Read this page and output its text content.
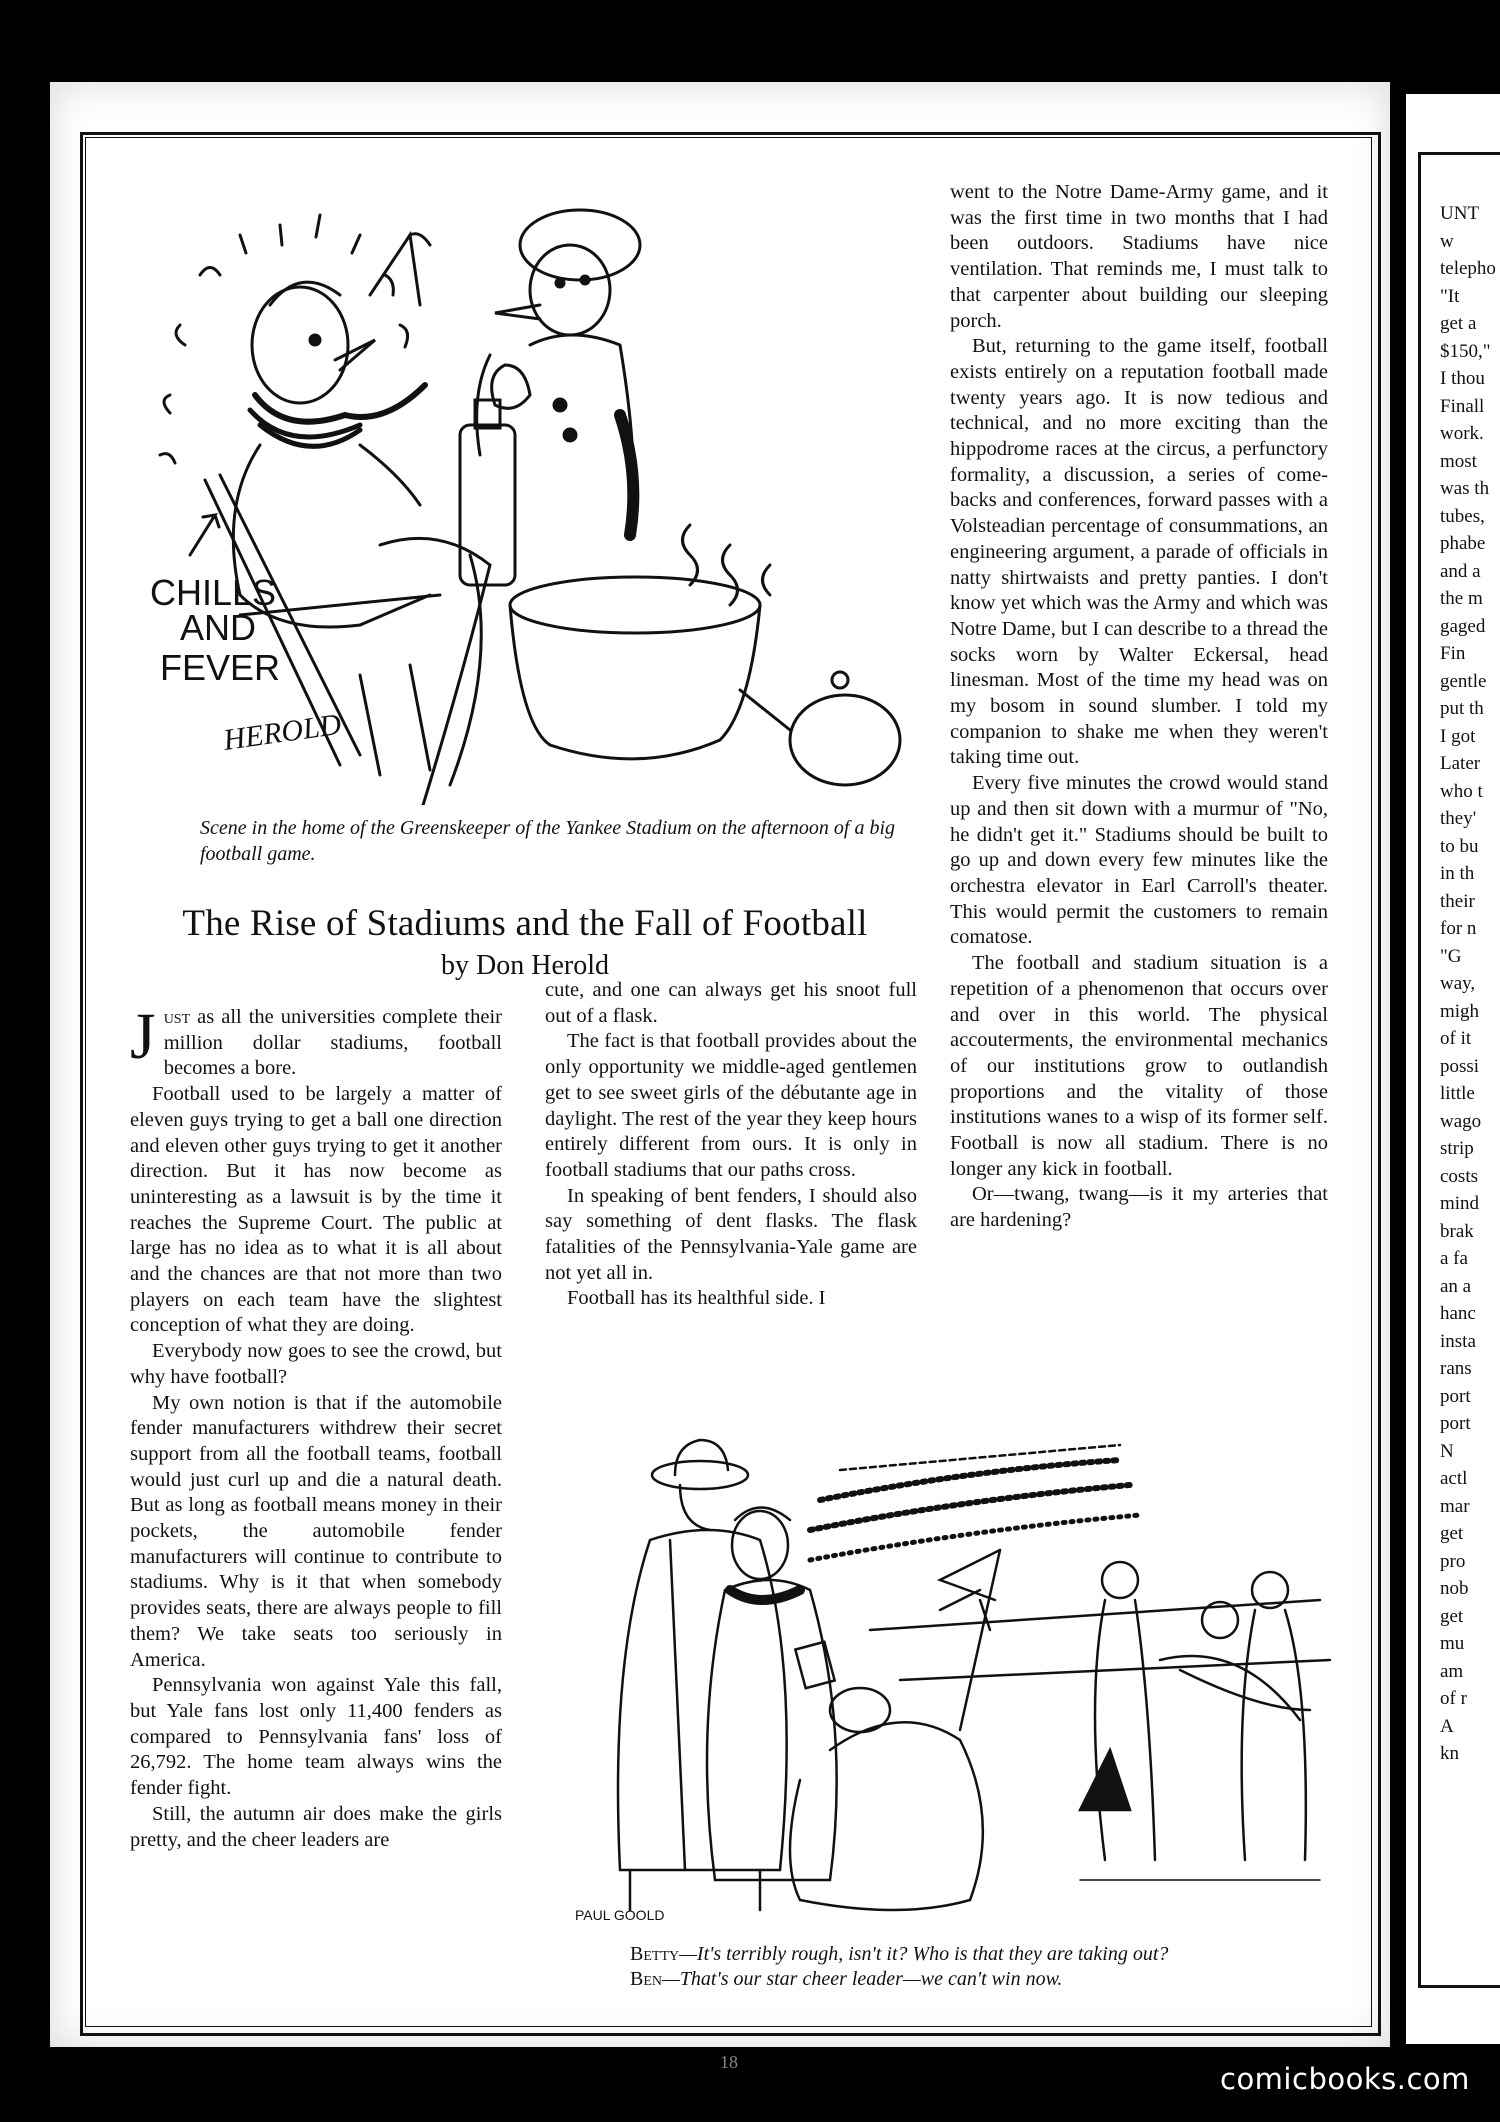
UNT
w
telepho
"It
get a
$150,"
I thou
Finall
work.
most
was th
tubes,
phabe
and a
the m
gaged
Fin
gentle
put th
I got
Later
who t
they'
to bu
in th
their
for n
"G
way,
migh
of it
possi
little
wago
strip
costs
mind
brak
a fa
an a
hanc
insta
rans
port
port
N
actl
mar
get
pro
nob
get
mu
am
of r
A
kn
CHILLS
AND
FEVER
HEROLD
Scene in the home of the Greenskeeper of the Yankee Stadium on the afternoon of a big football game.
The Rise of Stadiums and the Fall of Football
by Don Herold

Just as all the universities complete their million dollar stadiums, football becomes a bore.

Football used to be largely a matter of eleven guys trying to get a ball one direction and eleven other guys trying to get it another direction. But it has now become as uninteresting as a lawsuit is by the time it reaches the Supreme Court. The public at large has no idea as to what it is all about and the chances are that not more than two players on each team have the slightest conception of what they are doing.

Everybody now goes to see the crowd, but why have football?

My own notion is that if the automobile fender manufacturers withdrew their secret support from all the football teams, football would just curl up and die a natural death. But as long as football means money in their pockets, the automobile fender manufacturers will continue to contribute to stadiums. Why is it that when somebody provides seats, there are always people to fill them? We take seats too seriously in America.

Pennsylvania won against Yale this fall, but Yale fans lost only 11,400 fenders as compared to Pennsylvania fans' loss of 26,792. The home team always wins the fender fight.

Still, the autumn air does make the girls pretty, and the cheer leaders are

cute, and one can always get his snoot full out of a flask.

The fact is that football provides about the only opportunity we middle-aged gentlemen get to see sweet girls of the débutante age in daylight. The rest of the year they keep hours entirely different from ours. It is only in football stadiums that our paths cross.

In speaking of bent fenders, I should also say something of dent flasks. The flask fatalities of the Pennsylvania-Yale game are not yet all in.

Football has its healthful side. I

went to the Notre Dame-Army game, and it was the first time in two months that I had been outdoors. Stadiums have nice ventilation. That reminds me, I must talk to that carpenter about building our sleeping porch.

But, returning to the game itself, football exists entirely on a reputation football made twenty years ago. It is now tedious and technical, and no more exciting than the hippodrome races at the circus, a perfunctory formality, a discussion, a series of come-backs and conferences, forward passes with a Volsteadian percentage of consummations, an engineering argument, a parade of officials in natty shirtwaists and pretty panties. I don't know yet which was the Army and which was Notre Dame, but I can describe to a thread the socks worn by Walter Eckersal, head linesman. Most of the time my head was on my bosom in sound slumber. I told my companion to shake me when they weren't taking time out.

Every five minutes the crowd would stand up and then sit down with a murmur of "No, he didn't get it." Stadiums should be built to go up and down every few minutes like the orchestra elevator in Earl Carroll's theater. This would permit the customers to remain comatose.

The football and stadium situation is a repetition of a phenomenon that occurs over and over in this world. The physical accouterments, the environmental mechanics of our institutions grow to outlandish proportions and the vitality of those institutions wanes to a wisp of its former self. Football is now all stadium. There is no longer any kick in football.

Or—twang, twang—is it my arteries that are hardening?

PAUL GOOLD
Betty—It's terribly rough, isn't it? Who is that they are taking out?
Ben—That's our star cheer leader—we can't win now.
18	comicbooks.com
